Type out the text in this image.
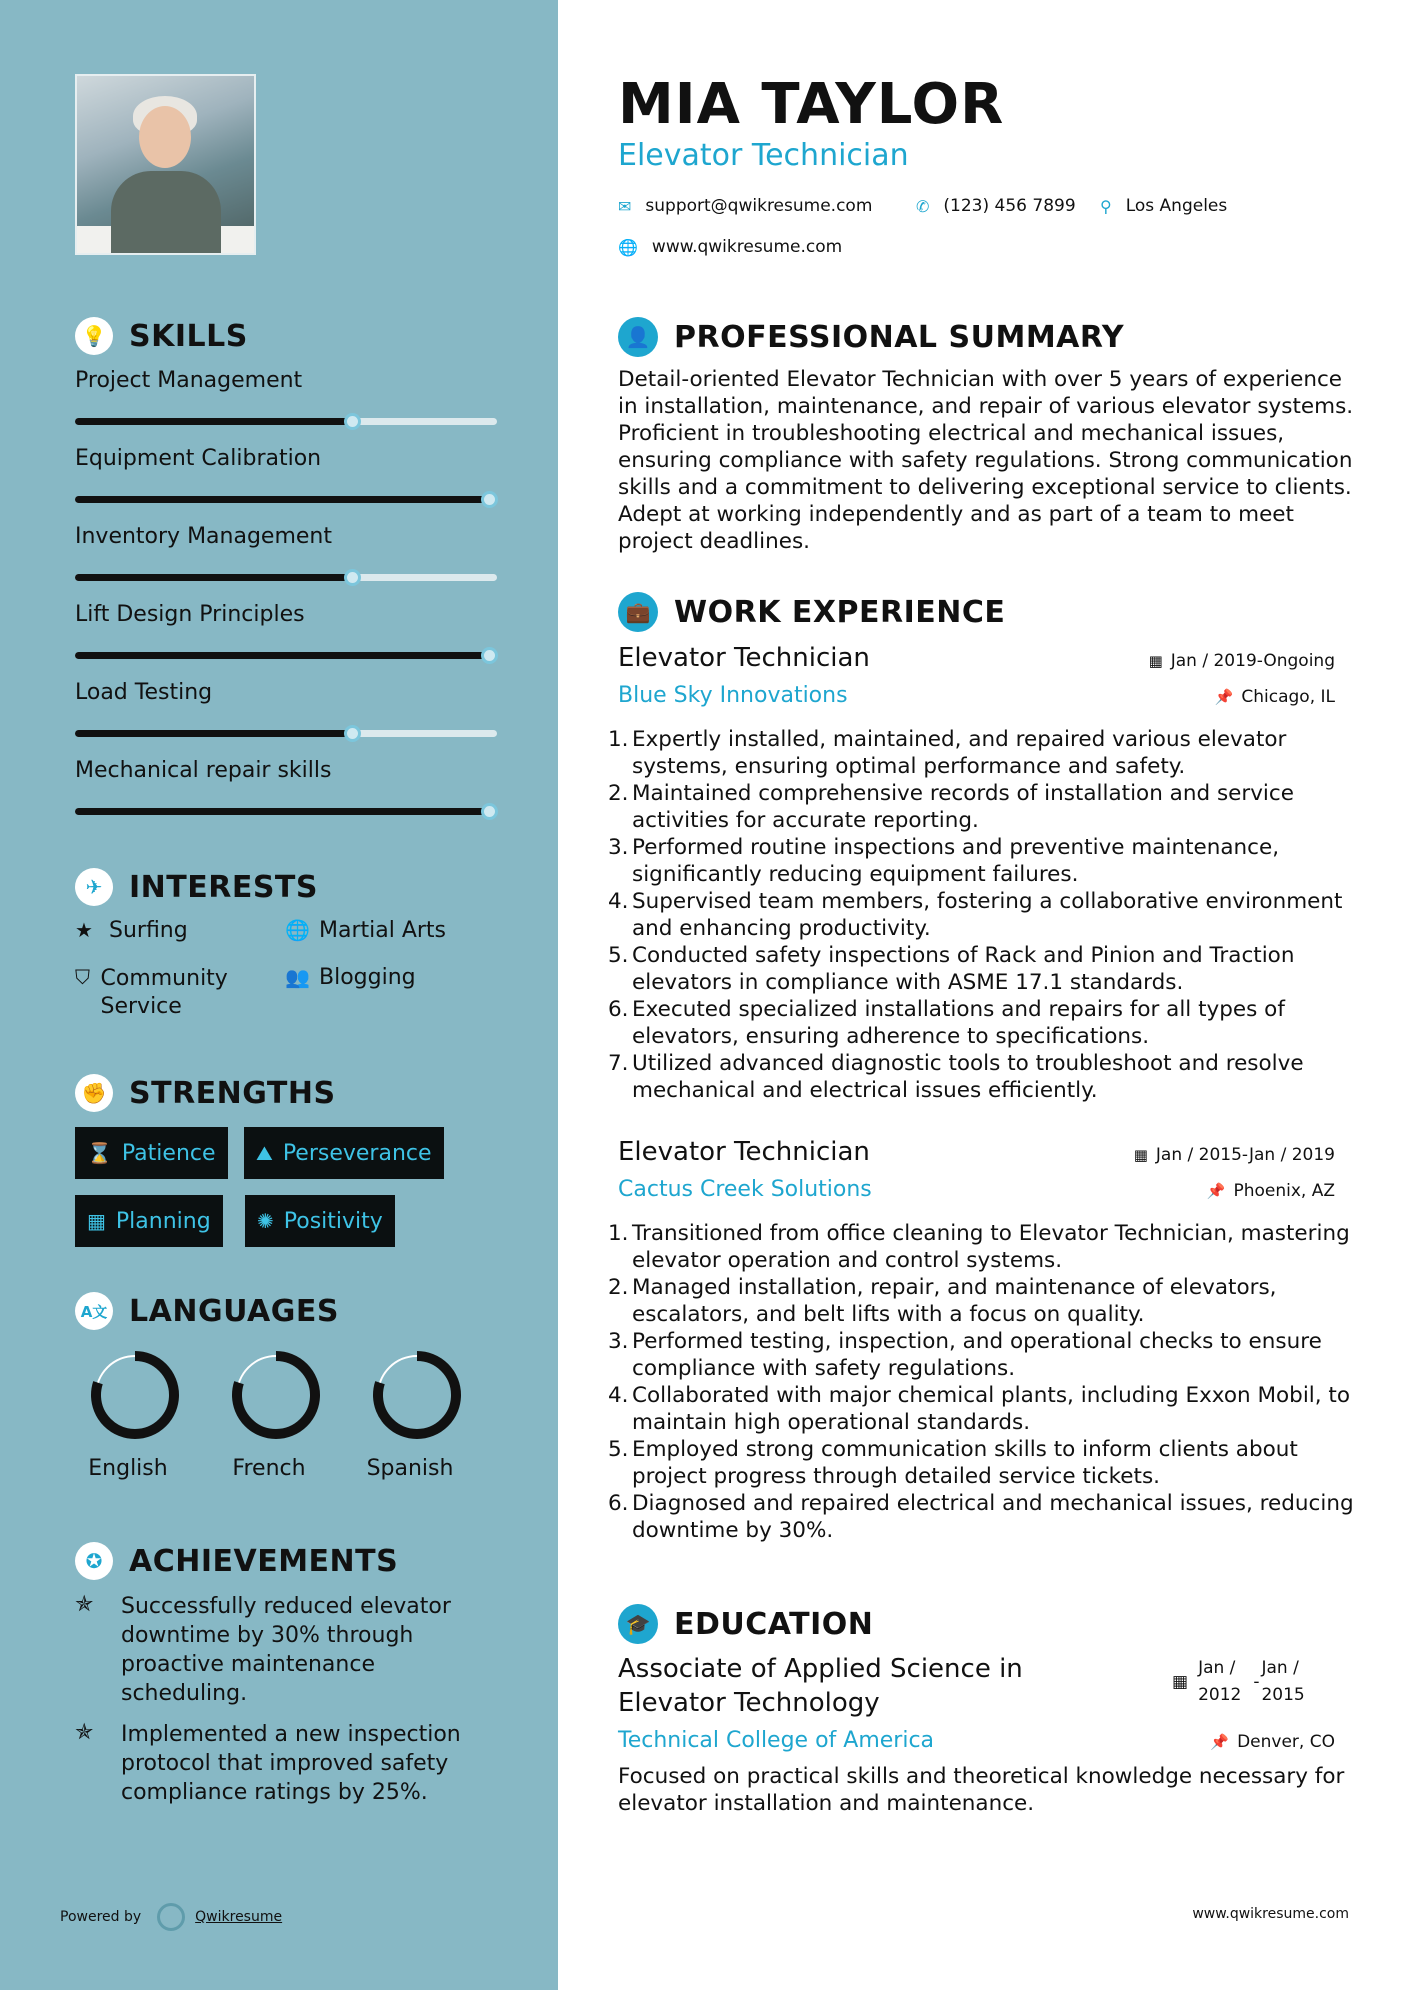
💡 SKILLS
Project Management
Equipment Calibration
Inventory Management
Lift Design Principles
Load Testing
Mechanical repair skills
✈ INTERESTS
★ Surfing	🌐 Martial Arts
⛉ Community Service
👥 Blogging
✊ STRENGTHS
⌛ Patience ⛰ Perseverance
▦ Planning ✺ Positivity
A文 LANGUAGES
English	French	Spanish
✪ ACHIEVEMENTS
✯	Successfully reduced elevator downtime by 30% through proactive maintenance scheduling.
✯	Implemented a new inspection protocol that improved safety compliance ratings by 25%.
Powered by	Qwikresume
MIA TAYLOR
Elevator Technician
✉ support@qwikresume.com	✆ (123) 456 7899 ⚲ Los Angeles
🌐 www.qwikresume.com
👤 PROFESSIONAL SUMMARY
Detail-oriented Elevator Technician with over 5 years of experience in installation, maintenance, and repair of various elevator systems. Proficient in troubleshooting electrical and mechanical issues, ensuring compliance with safety regulations. Strong communication skills and a commitment to delivering exceptional service to clients. Adept at working independently and as part of a team to meet project deadlines.
💼 WORK EXPERIENCE
Elevator Technician	▦ Jan / 2019-Ongoing
Blue Sky Innovations	📌 Chicago, IL
1. Expertly installed, maintained, and repaired various elevator systems, ensuring optimal performance and safety.
2. Maintained comprehensive records of installation and service activities for accurate reporting.
3. Performed routine inspections and preventive maintenance, significantly reducing equipment failures.
4. Supervised team members, fostering a collaborative environment and enhancing productivity.
5. Conducted safety inspections of Rack and Pinion and Traction elevators in compliance with ASME 17.1 standards.
6. Executed specialized installations and repairs for all types of elevators, ensuring adherence to specifications.
7. Utilized advanced diagnostic tools to troubleshoot and resolve mechanical and electrical issues efficiently.
Elevator Technician	▦ Jan / 2015-Jan / 2019
Cactus Creek Solutions	📌 Phoenix, AZ
1. Transitioned from office cleaning to Elevator Technician, mastering elevator operation and control systems.
2. Managed installation, repair, and maintenance of elevators, escalators, and belt lifts with a focus on quality.
3. Performed testing, inspection, and operational checks to ensure compliance with safety regulations.
4. Collaborated with major chemical plants, including Exxon Mobil, to maintain high operational standards.
5. Employed strong communication skills to inform clients about project progress through detailed service tickets.
6. Diagnosed and repaired electrical and mechanical issues, reducing downtime by 30%.
🎓 EDUCATION
Associate of Applied Science in
Elevator Technology
▦
Jan /
2012
-
Jan /
2015
Technical College of America	📌 Denver, CO
Focused on practical skills and theoretical knowledge necessary for elevator installation and maintenance.
www.qwikresume.com
